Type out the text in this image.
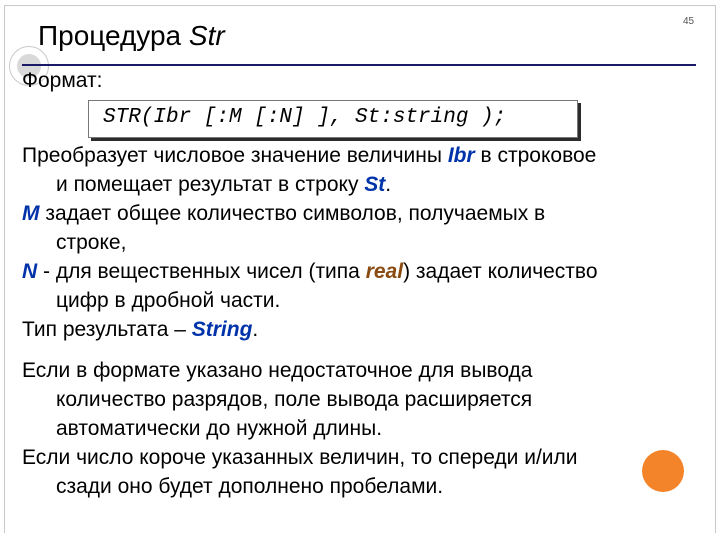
Процедура Str	45
Формат:
STR(Ibr [:M [:N] ], St:string );
Преобразует числовое значение величины Ibr в строковое
и помещает результат в строку St.
M задает общее количество символов, получаемых в
строке,
N - для вещественных чисел (типа real) задает количество
цифр в дробной части.
Тип результата – String.
Если в формате указано недостаточное для вывода
количество разрядов, поле вывода расширяется
автоматически до нужной длины.
Если число короче указанных величин, то спереди и/или
сзади оно будет дополнено пробелами.
